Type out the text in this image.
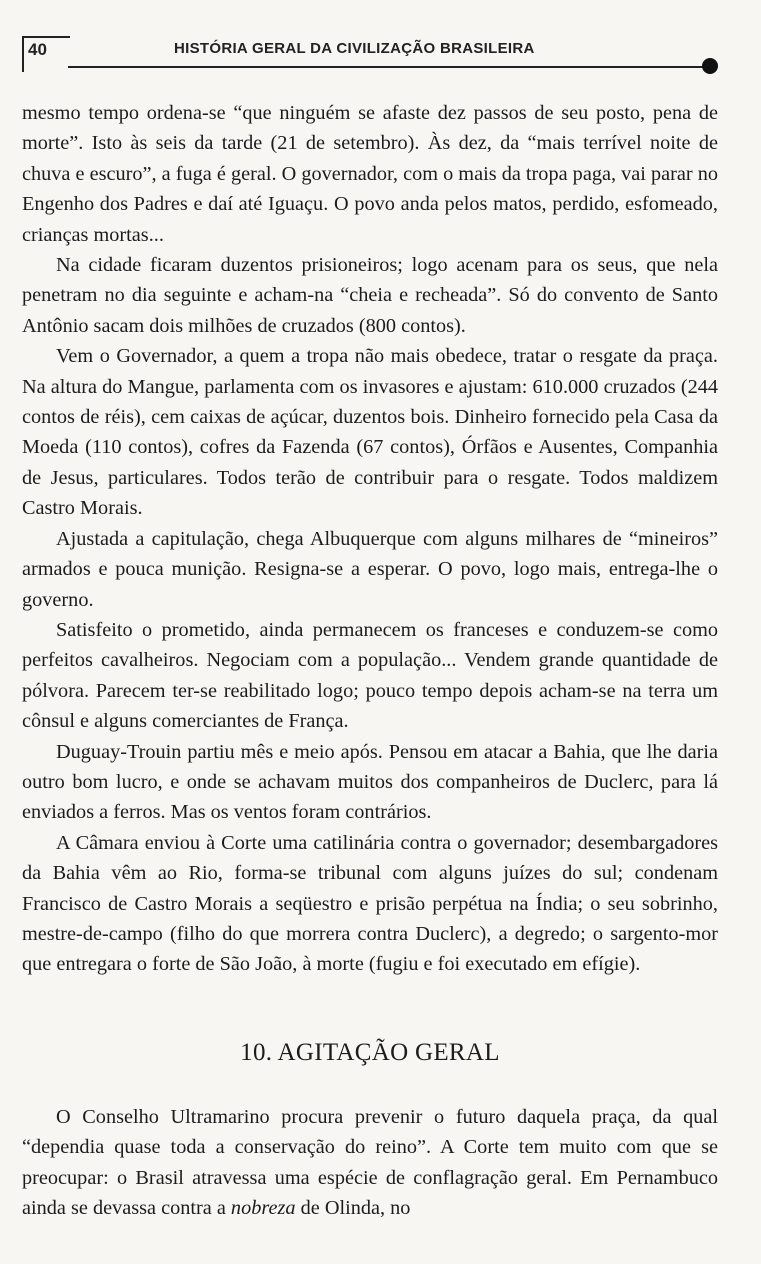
40	HISTÓRIA GERAL DA CIVILIZAÇÃO BRASILEIRA

mesmo tempo ordena-se “que ninguém se afaste dez passos de seu posto, pena de morte”. Isto às seis da tarde (21 de setembro). Às dez, da “mais terrível noite de chuva e escuro”, a fuga é geral. O governador, com o mais da tropa paga, vai parar no Engenho dos Padres e daí até Iguaçu. O povo anda pelos matos, perdido, esfomeado, crianças mortas...

Na cidade ficaram duzentos prisioneiros; logo acenam para os seus, que nela penetram no dia seguinte e acham-na “cheia e recheada”. Só do convento de Santo Antônio sacam dois milhões de cruzados (800 contos).

Vem o Governador, a quem a tropa não mais obedece, tratar o resgate da praça. Na altura do Mangue, parlamenta com os invasores e ajustam: 610.000 cruzados (244 contos de réis), cem caixas de açúcar, duzentos bois. Dinheiro fornecido pela Casa da Moeda (110 contos), cofres da Fazenda (67 contos), Órfãos e Ausentes, Companhia de Jesus, particulares. Todos terão de contribuir para o resgate. Todos maldizem Castro Morais.

Ajustada a capitulação, chega Albuquerque com alguns milhares de “mineiros” armados e pouca munição. Resigna-se a esperar. O povo, logo mais, entrega-lhe o governo.

Satisfeito o prometido, ainda permanecem os franceses e conduzem-se como perfeitos cavalheiros. Negociam com a população... Vendem grande quantidade de pólvora. Parecem ter-se reabilitado logo; pouco tempo depois acham-se na terra um cônsul e alguns comerciantes de França.

Duguay-Trouin partiu mês e meio após. Pensou em atacar a Bahia, que lhe daria outro bom lucro, e onde se achavam muitos dos companheiros de Duclerc, para lá enviados a ferros. Mas os ventos foram contrários.

A Câmara enviou à Corte uma catilinária contra o governador; desembargadores da Bahia vêm ao Rio, forma-se tribunal com alguns juízes do sul; condenam Francisco de Castro Morais a seqüestro e prisão perpétua na Índia; o seu sobrinho, mestre-de-campo (filho do que morrera contra Duclerc), a degredo; o sargento-mor que entregara o forte de São João, à morte (fugiu e foi executado em efígie).

10. AGITAÇÃO GERAL

O Conselho Ultramarino procura prevenir o futuro daquela praça, da qual “dependia quase toda a conservação do reino”. A Corte tem muito com que se preocupar: o Brasil atravessa uma espécie de conflagração geral. Em Pernambuco ainda se devassa contra a nobreza de Olinda, no
